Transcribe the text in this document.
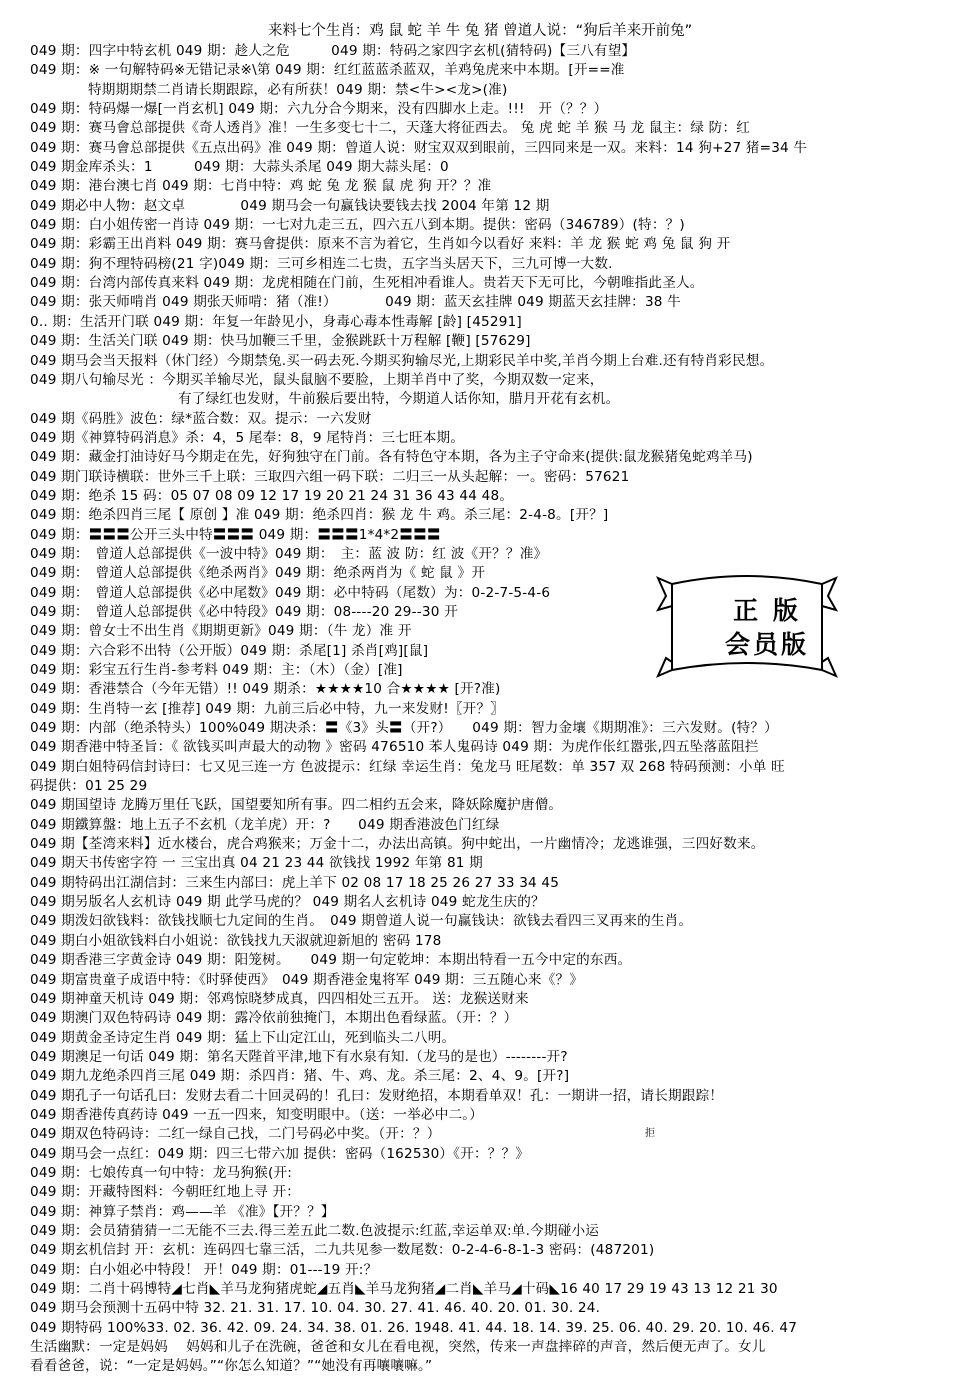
来料七个生肖：鸡 鼠 蛇 羊 牛 兔 猪 曾道人说：“狗后羊来开前兔”
049 期：四字中特玄机 049 期：趁人之危　　　049 期：特码之家四字玄机(猜特码)【三八有望】
049 期：※ 一句解特码※无错记录※\第 049 期：红红蓝蓝杀蓝双，羊鸡兔虎来中本期。[开==准
特期期期禁二肖请长期跟踪，必有所获！049 期：禁<牛><龙>(准)
049 期：特码爆一爆[一肖玄机] 049 期：六九分合今期来，没有四脚水上走。!!!　开（？？）
049 期：赛马會总部提供《奇人透肖》准！一生多变七十二，天蓬大将征西去。 兔 虎 蛇 羊 猴 马 龙 鼠主：绿 防：红
049 期：赛马會总部提供《五点出码》准 049 期：曾道人说：财宝双双到眼前，三四同来是一双。来料：14 狗+27 猪=34 牛
049 期金库杀头：1　　　049 期：大蒜头杀尾 049 期大蒜头尾：0
049 期：港台澳七肖 049 期：七肖中特：鸡 蛇 兔 龙 猴 鼠 虎 狗 开？？准
049 期必中人物：赵文卓　　　　049 期马会一句赢钱诀要钱去找 2004 年第 12 期
049 期：白小姐传密一肖诗 049 期：一七对九走三五，四六五八到本期。提供：密码（346789）(特：？)
049 期：彩霸王出肖料 049 期：赛马會提供：原来不言为着它，生肖如今以看好 来料：羊 龙 猴 蛇 鸡 兔 鼠 狗 开
049 期：狗不理特码榜(21 字)049 期：三可乡相连二七贵，五字当头居天下，三九可博一大数.
049 期：台湾内部传真来料 049 期：龙虎相随在门前，生死相冲看谁人。贵若天下无可比，今朝唯指此圣人。
049 期：张天师啃肖 049 期张天师啃：猪（准!）　　　　049 期：蓝天玄挂牌 049 期蓝天玄挂牌：38 牛
0.. 期：生活开门联 049 期：年复一年龄见小，身毒心毒本性毒解 [龄] [45291]
049 期：生活关门联 049 期：快马加鞭三千里，金猴跳跃十万程解 [鞭] [57629]
049 期马会当天报料（休门经）今期禁兔.买一码去死.今期买狗输尽光,上期彩民羊中奖,羊肖今期上台难.还有特肖彩民想。
049 期八句输尽光 ：今期买羊输尽光，鼠头鼠脑不要脸，上期羊肖中了奖，今期双数一定来，
有了绿红也发财，牛前猴后要出特，今期道人话你知，腊月开花有玄机。
049 期《码胜》波色：绿*蓝合数：双。提示：一六发财
049 期《神算特码消息》杀：4，5 尾奉：8，9 尾特肖：三七旺本期。
049 期：藏金打油诗好马今期走在先，好狗独守在门前。各有特色守本期，各为主子守命来(提供:鼠龙猴猪兔蛇鸡羊马)
049 期门联诗横联：世外三千上联：三取四六组一码下联：二归三一从头起解：一。密码：57621
049 期：绝杀 15 码：05 07 08 09 12 17 19 20 21 24 31 36 43 44 48。
049 期：绝杀四肖三尾【 原创 】准 049 期：绝杀四肖：猴 龙 牛 鸡。杀三尾：2-4-8。[开？]
049 期：〓〓〓公开三头中特〓〓〓 049 期：〓〓〓1*4*2〓〓〓
049 期：　曾道人总部提供《一波中特》049 期：　主：蓝 波 防：红 波《开？？准》
049 期：　曾道人总部提供《绝杀两肖》049 期：绝杀两肖为《 蛇 鼠 》开
049 期：　曾道人总部提供《必中尾数》049 期：必中特码（尾数）为：0-2-7-5-4-6
049 期：　曾道人总部提供《必中特段》049 期：08----20 29--30 开
049 期：曾女士不出生肖《期期更新》049 期：（牛 龙）准 开
049 期：六合彩不出特（公开版）049 期：杀尾[1] 杀肖[鸡][鼠]
049 期：彩宝五行生肖-参考料 049 期：主：（木）（金）[准]
049 期：香港禁合（今年无错）!! 049 期杀：★★★★10 合★★★★ [开?准)
049 期：生肖特一玄 [推荐] 049 期：九前三后必中特，九一来发财!〖开？〗
049 期：内部（绝杀特头）100%049 期决杀：〓《3》头〓（开?）　　049 期：智力金壤《期期准》：三六发财。(特？）
049 期香港中特圣旨：《 欲钱买叫声最大的动物 》密码 476510 苯人鬼码诗 049 期：为虎作伥红嚣张,四五坠落蓝阻拦
049 期白姐特码信封诗曰：七又见三连一方 色波提示：红绿 幸运生肖：兔龙马 旺尾数：单 357 双 268 特码预测：小单 旺
码提供：01 25 29
049 期国望诗 龙腾万里任飞跃，国望要知所有事。四二相约五会来，降妖除魔护唐僧。
049 期鐵算盤：地上五子不玄机（龙羊虎）开：?　　049 期香港波色门红绿
049 期【荃湾来料】近水楼台，虎合鸡猴来；万金十二，办法出高镇。狗中蛇出，一片幽情冷；龙逃谁强，三四好数来。
049 期天书传密字符 一 三宝出真 04 21 23 44 欲钱找 1992 年第 81 期
049 期特码出江湖信封：三来生内部曰：虎上羊下 02 08 17 18 25 26 27 33 34 45
049 期另版名人玄机诗 049 期 此学马虎的？ 049 期名人玄机诗 049 蛇龙生庆的？
049 期泼妇欲钱料：欲钱找顺七九定间的生肖。　049 期曾道人说一句赢钱诀：欲钱去看四三叉再来的生肖。
049 期白小姐欲钱料白小姐说：欲钱找九天淑就迎新旭的 密码 178
049 期香港三字黄金诗 049 期：阳笼树。　　049 期一句定乾坤：本期出特看一五今中定的东西。
049 期富贵童子成语中特：《时驿使西》　049 期香港金鬼将军 049 期：三五随心来《？》
049 期神童天机诗 049 期：邻鸡惊晓梦成真，四四相处三五开。 送：龙猴送财来
049 期澳门双色特码诗 049 期：露冷依前独掩门，本期出色看绿蓝。（开：？）
049 期黄金圣诗定生肖 049 期：猛上下山定江山，死到临头二八明。
049 期澳足一句话 049 期：第名天陛首平津,地下有水泉有知.（龙马的是也）--------开?
049 期九龙绝杀四肖三尾 049 期：杀四肖：猪、牛、鸡、龙。杀三尾：2、4、9。[开?]
049 期孔子一句话孔曰：发财去看二十回灵码的！孔曰：发财绝招，本期看单双！孔：一期讲一招，请长期跟踪！
049 期香港传真药诗 049 一五一四来，知变明眼中。（送：一举必中二。）
049 期双色特码诗：二红一绿自己找，二门号码必中奖。（开：？）
049 期马会一点红：049 期：四三七带六加 提供：密码（162530）《开：？？》
049 期：七娘传真一句中特：龙马狗猴(开:
049 期：开藏特图料：今朝旺红地上寻 开：
049 期：神算子禁肖：鸡——羊 《准》【开？？】
049 期：会员猜猜猜一二无能不三去.得三差五此二数.色波提示:红蓝,幸运单双:单.今期碰小运
049 期玄机信封 开：玄机：连码四七靠三活，二九共见参一数尾数：0-2-4-6-8-1-3 密码：(487201)
049 期：白小姐必中特段！ 开！049 期：01---19 开:？
049 期：二肖十码博特◢七肖◣羊马龙狗猪虎蛇◢五肖◣羊马龙狗猪◢二肖◣羊马◢十码◣16 40 17 29 19 43 13 12 21 30
049 期马会预测十五码中特 32. 21. 31. 17. 10. 04. 30. 27. 41. 46. 40. 20. 01. 30. 24.
049 期特码 100%33. 02. 36. 42. 09. 24. 34. 38. 01. 26. 1948. 41. 44. 18. 14. 39. 25. 06. 40. 29. 20. 10. 46. 47
生活幽默：一定是妈妈　 妈妈和儿子在洗碗，爸爸和女儿在看电视，突然，传来一声盘摔碎的声音，然后便无声了。女儿
看看爸爸，说：“一定是妈妈。”“你怎么知道？”“她没有再嚷嚷嘛。”
正 版
会员版
拒
